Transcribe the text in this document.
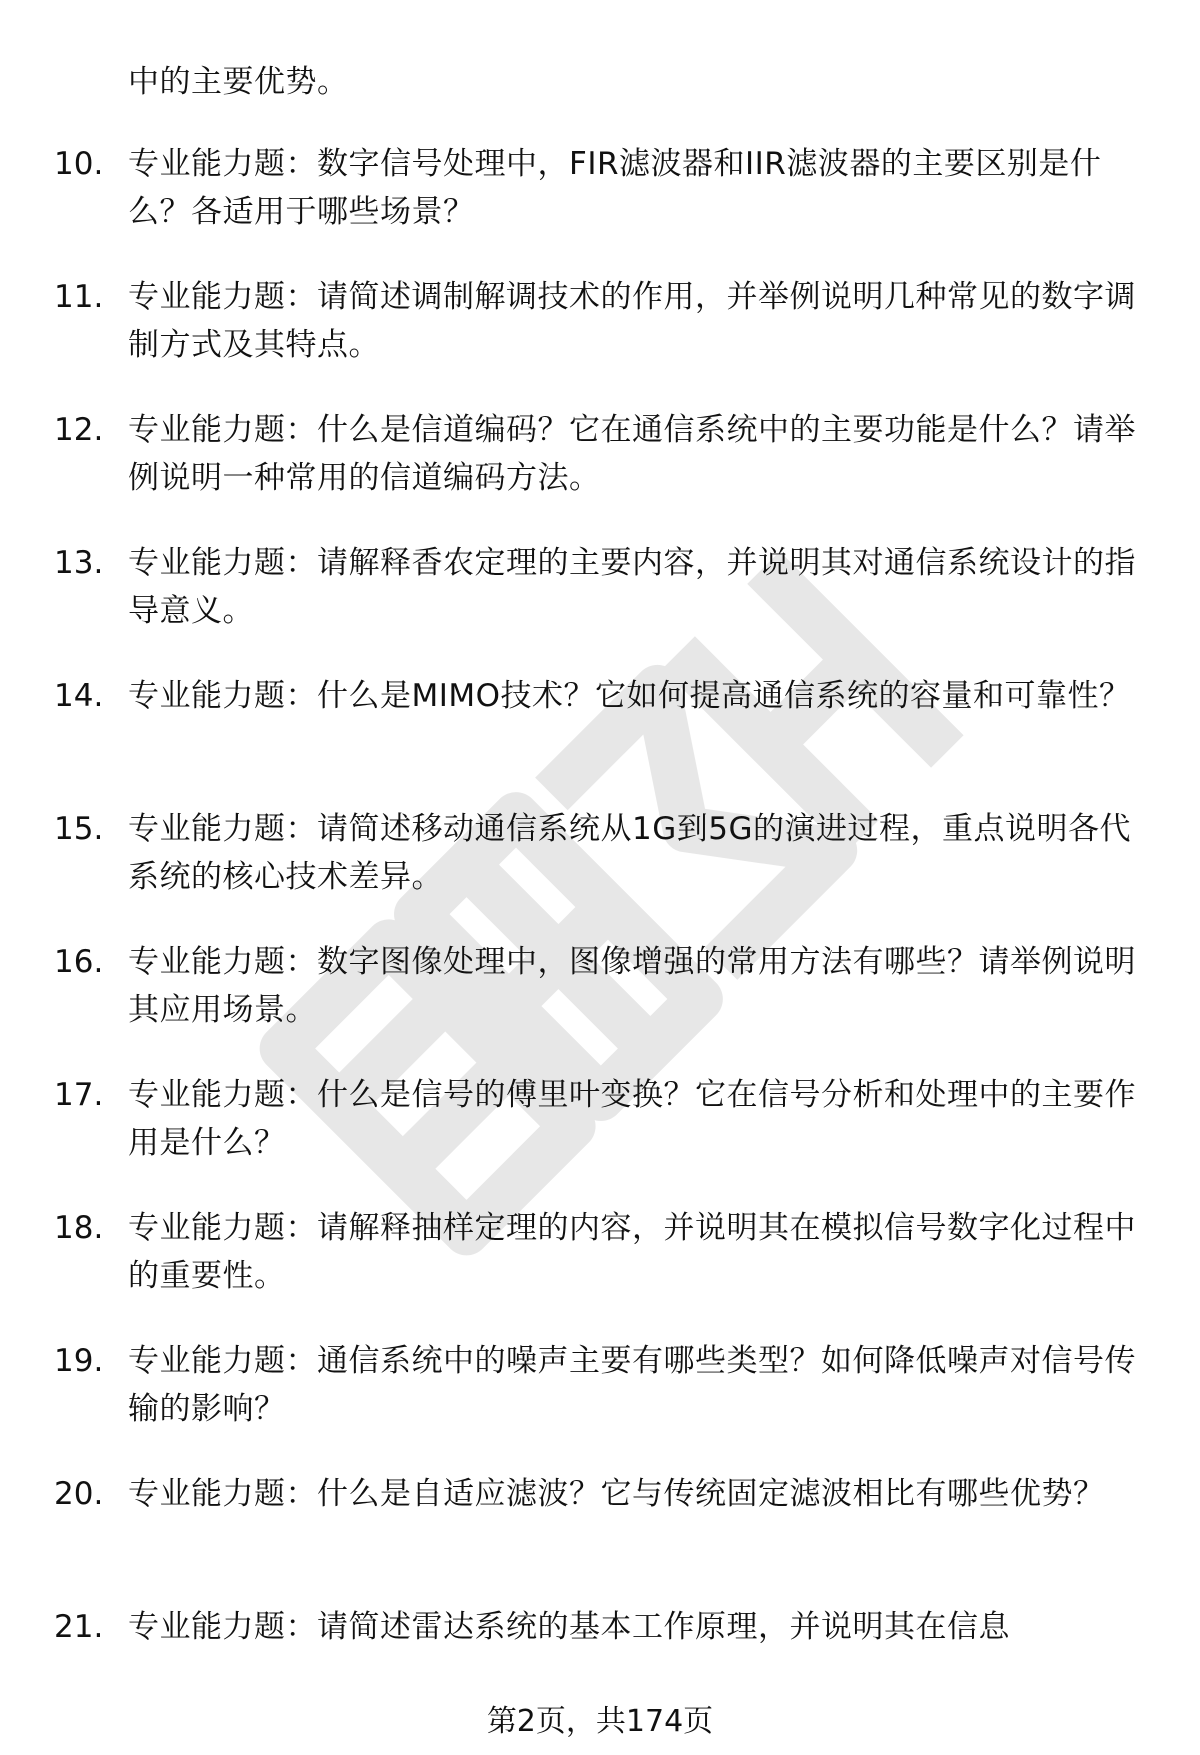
中的主要优势。
10. 专业能力题：数字信号处理中，FIR滤波器和IIR滤波器的主要区别是什么？各适用于哪些场景？
11. 专业能力题：请简述调制解调技术的作用，并举例说明几种常见的数字调制方式及其特点。
12. 专业能力题：什么是信道编码？它在通信系统中的主要功能是什么？请举例说明一种常用的信道编码方法。
13. 专业能力题：请解释香农定理的主要内容，并说明其对通信系统设计的指导意义。
14. 专业能力题：什么是MIMO技术？它如何提高通信系统的容量和可靠性？
15. 专业能力题：请简述移动通信系统从1G到5G的演进过程，重点说明各代系统的核心技术差异。
16. 专业能力题：数字图像处理中，图像增强的常用方法有哪些？请举例说明其应用场景。
17. 专业能力题：什么是信号的傅里叶变换？它在信号分析和处理中的主要作用是什么？
18. 专业能力题：请解释抽样定理的内容，并说明其在模拟信号数字化过程中的重要性。
19. 专业能力题：通信系统中的噪声主要有哪些类型？如何降低噪声对信号传输的影响？
20. 专业能力题：什么是自适应滤波？它与传统固定滤波相比有哪些优势？
21. 专业能力题：请简述雷达系统的基本工作原理，并说明其在信息
第2页，共174页
